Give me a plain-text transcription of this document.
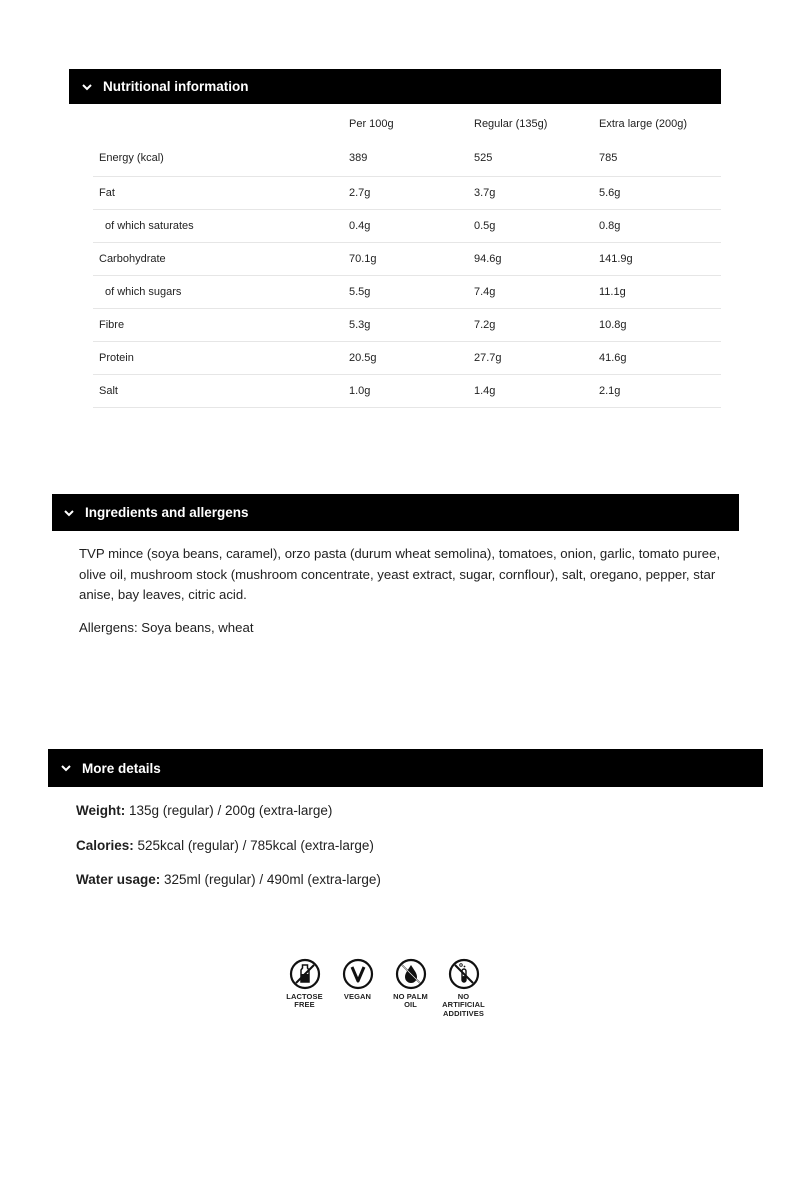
Nutritional information
	Per 100g	Regular (135g)	Extra large (200g)
Energy (kcal)	389	525	785
Fat	2.7g	3.7g	5.6g
of which saturates	0.4g	0.5g	0.8g
Carbohydrate	70.1g	94.6g	141.9g
of which sugars	5.5g	7.4g	11.1g
Fibre	5.3g	7.2g	10.8g
Protein	20.5g	27.7g	41.6g
Salt	1.0g	1.4g	2.1g
Ingredients and allergens

TVP mince (soya beans, caramel), orzo pasta (durum wheat semolina), tomatoes, onion, garlic, tomato puree, olive oil, mushroom stock (mushroom concentrate, yeast extract, sugar, cornflour), salt, oregano, pepper, star anise, bay leaves, citric acid.

Allergens: Soya beans, wheat

More details

Weight: 135g (regular) / 200g (extra-large)

Calories: 525kcal (regular) / 785kcal (extra-large)

Water usage: 325ml (regular) / 490ml (extra-large)

LACTOSE
FREE
VEGAN	NO PALM
OIL
NO
ARTIFICIAL
ADDITIVES
